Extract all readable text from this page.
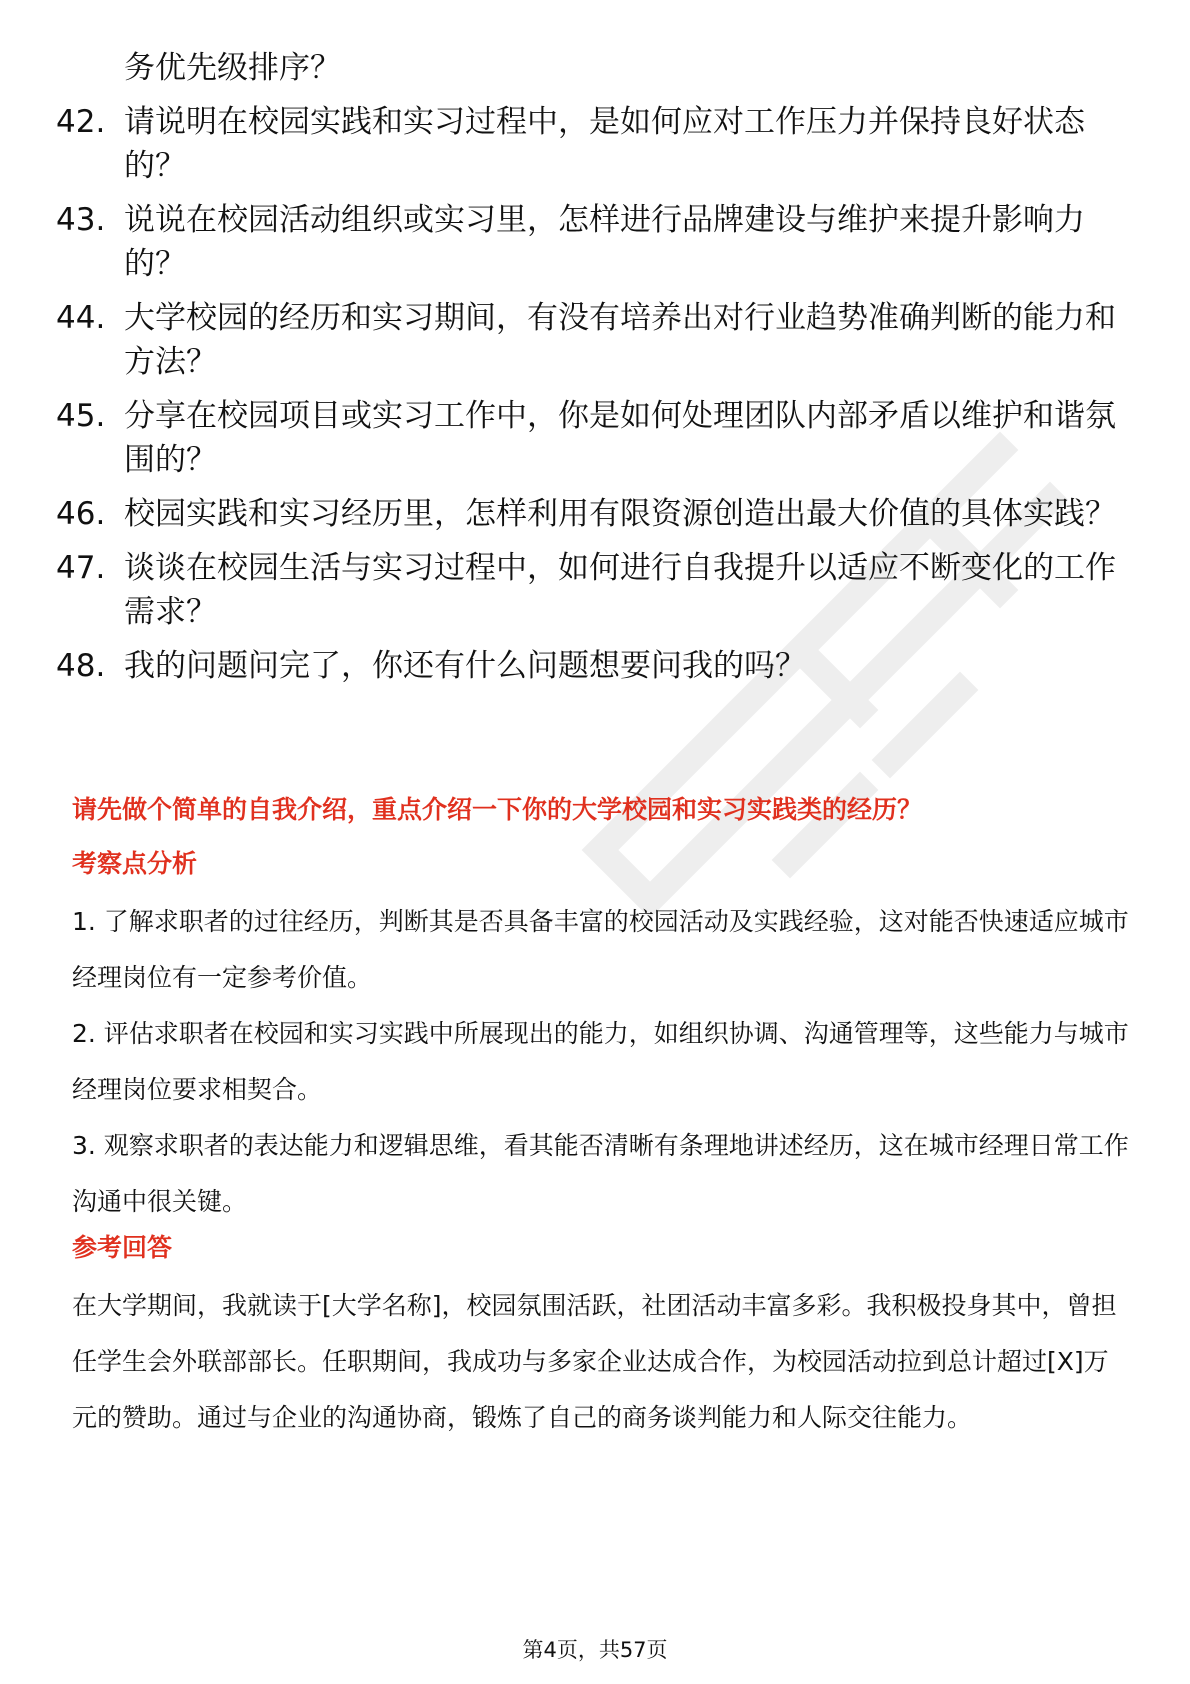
务优先级排序？
42. 请说明在校园实践和实习过程中，是如何应对工作压力并保持良好状态的？
43. 说说在校园活动组织或实习里，怎样进行品牌建设与维护来提升影响力的？
44. 大学校园的经历和实习期间，有没有培养出对行业趋势准确判断的能力和方法？
45. 分享在校园项目或实习工作中，你是如何处理团队内部矛盾以维护和谐氛围的？
46. 校园实践和实习经历里，怎样利用有限资源创造出最大价值的具体实践？
47. 谈谈在校园生活与实习过程中，如何进行自我提升以适应不断变化的工作需求？
48. 我的问题问完了，你还有什么问题想要问我的吗？
请先做个简单的自我介绍，重点介绍一下你的大学校园和实习实践类的经历？
考察点分析
1. 了解求职者的过往经历，判断其是否具备丰富的校园活动及实践经验，这对能否快速适应城市经理岗位有一定参考价值。
2. 评估求职者在校园和实习实践中所展现出的能力，如组织协调、沟通管理等，这些能力与城市经理岗位要求相契合。
3. 观察求职者的表达能力和逻辑思维，看其能否清晰有条理地讲述经历，这在城市经理日常工作沟通中很关键。
参考回答
在大学期间，我就读于[大学名称]，校园氛围活跃，社团活动丰富多彩。我积极投身其中，曾担任学生会外联部部长。任职期间，我成功与多家企业达成合作，为校园活动拉到总计超过[X]万元的赞助。通过与企业的沟通协商，锻炼了自己的商务谈判能力和人际交往能力。
第4页，共57页
